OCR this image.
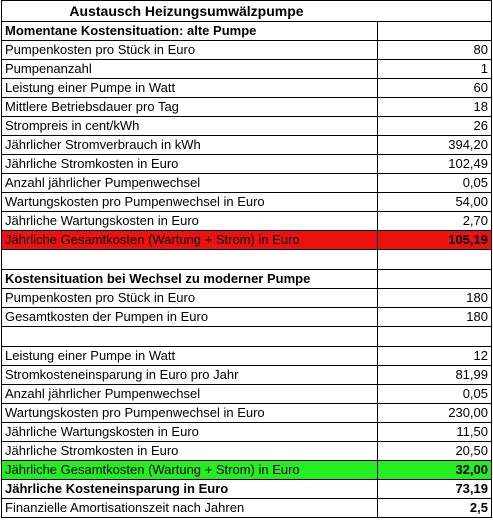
Austausch Heizungsumwälzpumpe	
Momentane Kostensituation: alte Pumpe	
Pumpenkosten pro Stück in Euro	80
Pumpenanzahl	1
Leistung einer Pumpe in Watt	60
Mittlere Betriebsdauer pro Tag	18
Strompreis in cent/kWh	26
Jährlicher Stromverbrauch in kWh	394,20
Jährliche Stromkosten in Euro	102,49
Anzahl jährlicher Pumpenwechsel	0,05
Wartungskosten pro Pumpenwechsel in Euro	54,00
Jährliche Wartungskosten in Euro	2,70
Jährliche Gesamtkosten (Wartung + Strom) in Euro	105,19

Kostensituation bei Wechsel zu moderner Pumpe	
Pumpenkosten pro Stück in Euro	180
Gesamtkosten der Pumpen in Euro	180

Leistung einer Pumpe in Watt	12
Stromkosteneinsparung in Euro pro Jahr	81,99
Anzahl jährlicher Pumpenwechsel	0,05
Wartungskosten pro Pumpenwechsel in Euro	230,00
Jährliche Wartungskosten in Euro	11,50
Jährliche Stromkosten in Euro	20,50
Jährliche Gesamtkosten (Wartung + Strom) in Euro	32,00
Jährliche Kosteneinsparung in Euro	73,19
Finanzielle Amortisationszeit nach Jahren	2,5
